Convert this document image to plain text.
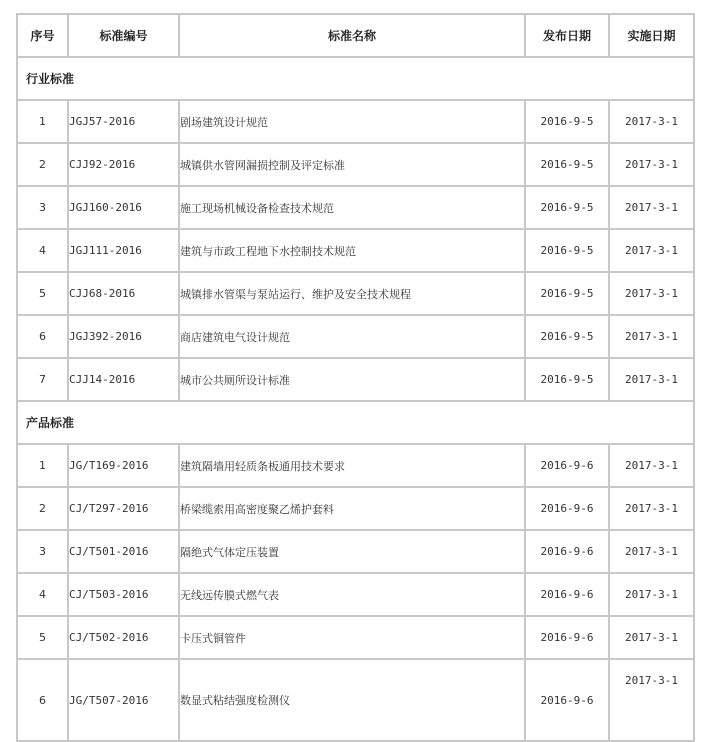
序号	标准编号	标准名称	发布日期	实施日期
行业标准				
1	JGJ57-2016	剧场建筑设计规范	2016-9-5	2017-3-1
2	CJJ92-2016	城镇供水管网漏损控制及评定标准	2016-9-5	2017-3-1
3	JGJ160-2016	施工现场机械设备检查技术规范	2016-9-5	2017-3-1
4	JGJ111-2016	建筑与市政工程地下水控制技术规范	2016-9-5	2017-3-1
5	CJJ68-2016	城镇排水管渠与泵站运行、维护及安全技术规程	2016-9-5	2017-3-1
6	JGJ392-2016	商店建筑电气设计规范	2016-9-5	2017-3-1
7	CJJ14-2016	城市公共厕所设计标准	2016-9-5	2017-3-1
产品标准				
1	JG/T169-2016	建筑隔墙用轻质条板通用技术要求	2016-9-6	2017-3-1
2	CJ/T297-2016	桥梁缆索用高密度聚乙烯护套料	2016-9-6	2017-3-1
3	CJ/T501-2016	隔绝式气体定压装置	2016-9-6	2017-3-1
4	CJ/T503-2016	无线远传膜式燃气表	2016-9-6	2017-3-1
5	CJ/T502-2016	卡压式铜管件	2016-9-6	2017-3-1
6	JG/T507-2016	数显式粘结强度检测仪	2016-9-6	2017-3-1
